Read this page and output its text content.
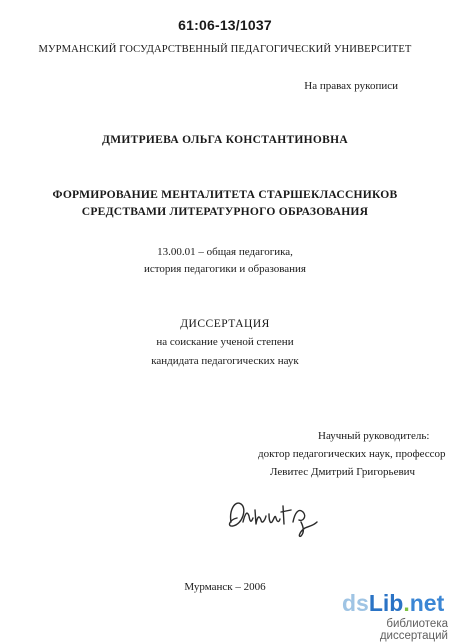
61:06-13/1037
МУРМАНСКИЙ ГОСУДАРСТВЕННЫЙ ПЕДАГОГИЧЕСКИЙ УНИВЕРСИТЕТ
На правах рукописи
ДМИТРИЕВА ОЛЬГА КОНСТАНТИНОВНА
ФОРМИРОВАНИЕ МЕНТАЛИТЕТА СТАРШЕКЛАССНИКОВ
СРЕДСТВАМИ ЛИТЕРАТУРНОГО ОБРАЗОВАНИЯ
13.00.01 – общая педагогика,
история педагогики и образования
ДИССЕРТАЦИЯ
на соискание ученой степени
кандидата педагогических наук
Научный руководитель:
доктор педагогических наук, профессор
Левитес Дмитрий Григорьевич
Мурманск – 2006
dsLib.net
библиотека диссертаций
